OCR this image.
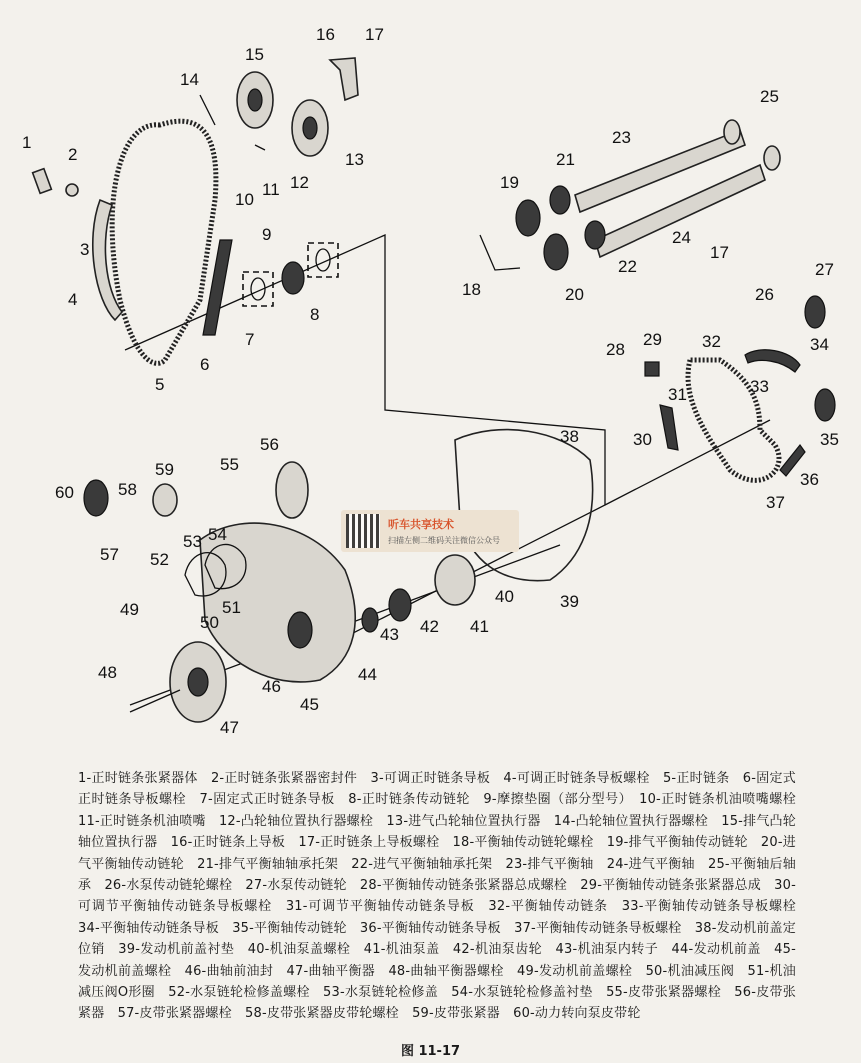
1
2
3
4
5
6
7
8
9
10
11 12
13
14
15
16 17
17
18
19
20
21
22
23
24
25
26
27
28
29
30
31
32
33
34
35
36
37
38
39
40
41
42
43
44
45
46
47
48
49
50
51
52
53 54
55
56
57
58
59
60
听车共享技术
扫描左侧二维码关注微信公众号
1-正时链条张紧器体　2-正时链条张紧器密封件　3-可调正时链条导板　4-可调正时链条导板螺栓　5-正时链条　6-固定式正时链条导板螺栓　7-固定式正时链条导板　8-正时链条传动链轮　9-摩擦垫圈（部分型号）　10-正时链条机油喷嘴螺栓　11-正时链条机油喷嘴　12-凸轮轴位置执行器螺栓　13-进气凸轮轴位置执行器　14-凸轮轴位置执行器螺栓　15-排气凸轮轴位置执行器　16-正时链条上导板　17-正时链条上导板螺栓　18-平衡轴传动链轮螺栓　19-排气平衡轴传动链轮　20-进气平衡轴传动链轮　21-排气平衡轴轴承托架　22-进气平衡轴轴承托架　23-排气平衡轴　24-进气平衡轴　25-平衡轴后轴承　26-水泵传动链轮螺栓　27-水泵传动链轮　28-平衡轴传动链条张紧器总成螺栓　29-平衡轴传动链条张紧器总成　30-可调节平衡轴传动链条导板螺栓　31-可调节平衡轴传动链条导板　32-平衡轴传动链条　33-平衡轴传动链条导板螺栓　34-平衡轴传动链条导板　35-平衡轴传动链轮　36-平衡轴传动链条导板　37-平衡轴传动链条导板螺栓　38-发动机前盖定位销　39-发动机前盖衬垫　40-机油泵盖螺栓　41-机油泵盖　42-机油泵齿轮　43-机油泵内转子　44-发动机前盖　45-发动机前盖螺栓　46-曲轴前油封　47-曲轴平衡器　48-曲轴平衡器螺栓　49-发动机前盖螺栓　50-机油减压阀　51-机油减压阀O形圈　52-水泵链轮检修盖螺栓　53-水泵链轮检修盖　54-水泵链轮检修盖衬垫　55-皮带张紧器螺栓　56-皮带张紧器　57-皮带张紧器螺栓　58-皮带张紧器皮带轮螺栓　59-皮带张紧器　60-动力转向泵皮带轮
图 11-17
